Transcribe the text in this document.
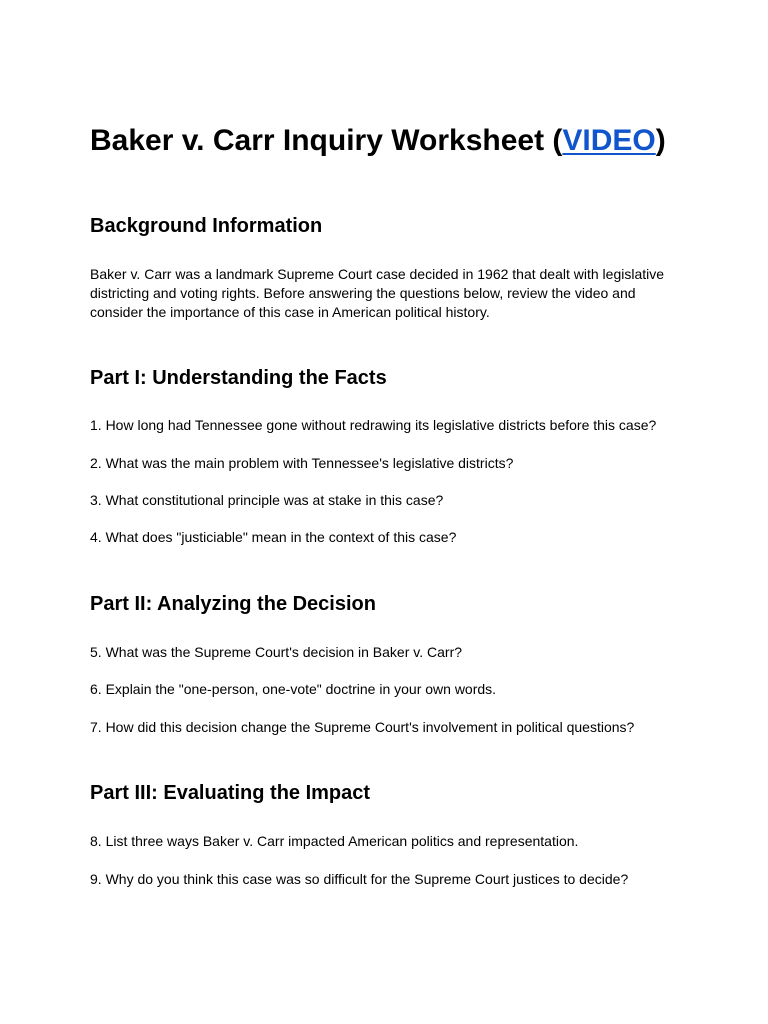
Baker v. Carr Inquiry Worksheet (VIDEO)
Background Information

Baker v. Carr was a landmark Supreme Court case decided in 1962 that dealt with legislative districting and voting rights. Before answering the questions below, review the video and consider the importance of this case in American political history.

Part I: Understanding the Facts

1. How long had Tennessee gone without redrawing its legislative districts before this case?

2. What was the main problem with Tennessee's legislative districts?

3. What constitutional principle was at stake in this case?

4. What does "justiciable" mean in the context of this case?

Part II: Analyzing the Decision

5. What was the Supreme Court's decision in Baker v. Carr?

6. Explain the "one-person, one-vote" doctrine in your own words.

7. How did this decision change the Supreme Court's involvement in political questions?

Part III: Evaluating the Impact

8. List three ways Baker v. Carr impacted American politics and representation.

9. Why do you think this case was so difficult for the Supreme Court justices to decide?
